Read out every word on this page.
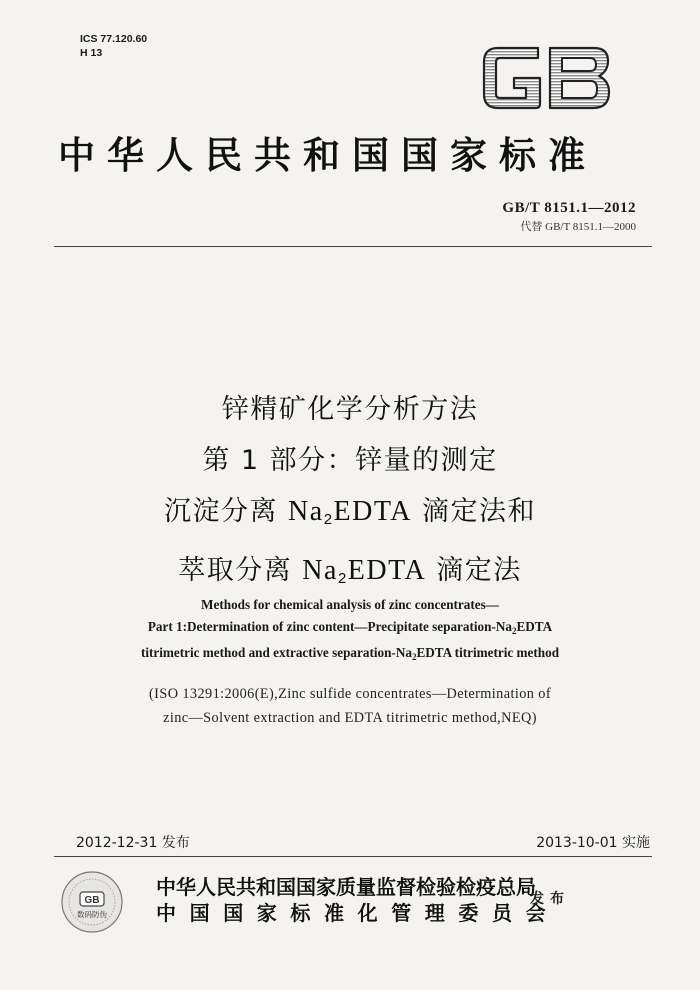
ICS 77.120.60
H 13
中华人民共和国国家标准
GB/T 8151.1—2012
代替 GB/T 8151.1—2000
锌精矿化学分析方法
第 1 部分：锌量的测定
沉淀分离 $Na_2EDTA$ 滴定法和
萃取分离 $Na_2EDTA$ 滴定法
Methods for chemical analysis of zinc concentrates—
Part 1:Determination of zinc content—Precipitate separation-$Na_2EDTA$
titrimetric method and extractive separation-$Na_2EDTA$ titrimetric method
(ISO 13291:2006(E),Zinc sulfide concentrates—Determination of
zinc—Solvent extraction and EDTA titrimetric method,NEQ)
2012-12-31 发布	2013-10-01 实施
GB
数码防伪
中华人民共和国国家质量监督检验检疫总局
中国国家标准化管理委员会
发布
